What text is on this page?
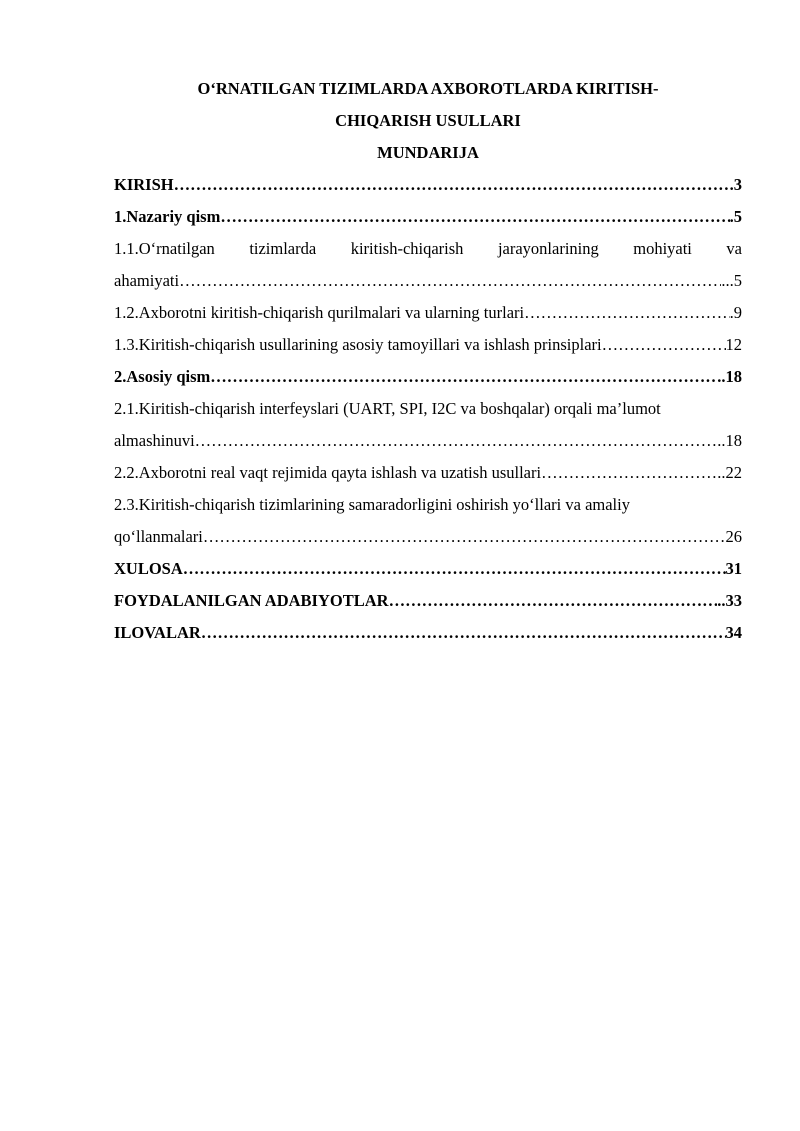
O‘RNATILGAN TIZIMLARDA AXBOROTLARDA KIRITISH-
CHIQARISH USULLARI
MUNDARIJA
KIRISH …………………………………………………………………………………………………………………………………………………………………………………………	.3
1.Nazariy qism …………………………………………………………………………………………………………………………………………………………………………………………	.5
1.1.O‘rnatilgan tizimlarda kiritish-chiqarish jarayonlarining mohiyati va
ahamiyati …………………………………………………………………………………………………………………………………………………………………………………………	...5
1.2.Axborotni kiritish-chiqarish qurilmalari va ularning turlari …………………………………………………………………………………………………………………………………………………………………………………………	.9
1.3.Kiritish-chiqarish usullarining asosiy tamoyillari va ishlash prinsiplari …………………………………………………………………………………………………………………………………………………………………………………………	12
2.Asosiy qism …………………………………………………………………………………………………………………………………………………………………………………………	..18
2.1.Kiritish-chiqarish interfeyslari (UART, SPI, I2C va boshqalar) orqali ma’lumot
almashinuvi …………………………………………………………………………………………………………………………………………………………………………………………	..18
2.2.Axborotni real vaqt rejimida qayta ishlash va uzatish usullari …………………………………………………………………………………………………………………………………………………………………………………………	..22
2.3.Kiritish-chiqarish tizimlarining samaradorligini oshirish yo‘llari va amaliy
qo‘llanmalari …………………………………………………………………………………………………………………………………………………………………………………………	26
XULOSA …………………………………………………………………………………………………………………………………………………………………………………………	31
FOYDALANILGAN ADABIYOTLAR …………………………………………………………………………………………………………………………………………………………………………………………	..33
ILOVALAR …………………………………………………………………………………………………………………………………………………………………………………………	34
